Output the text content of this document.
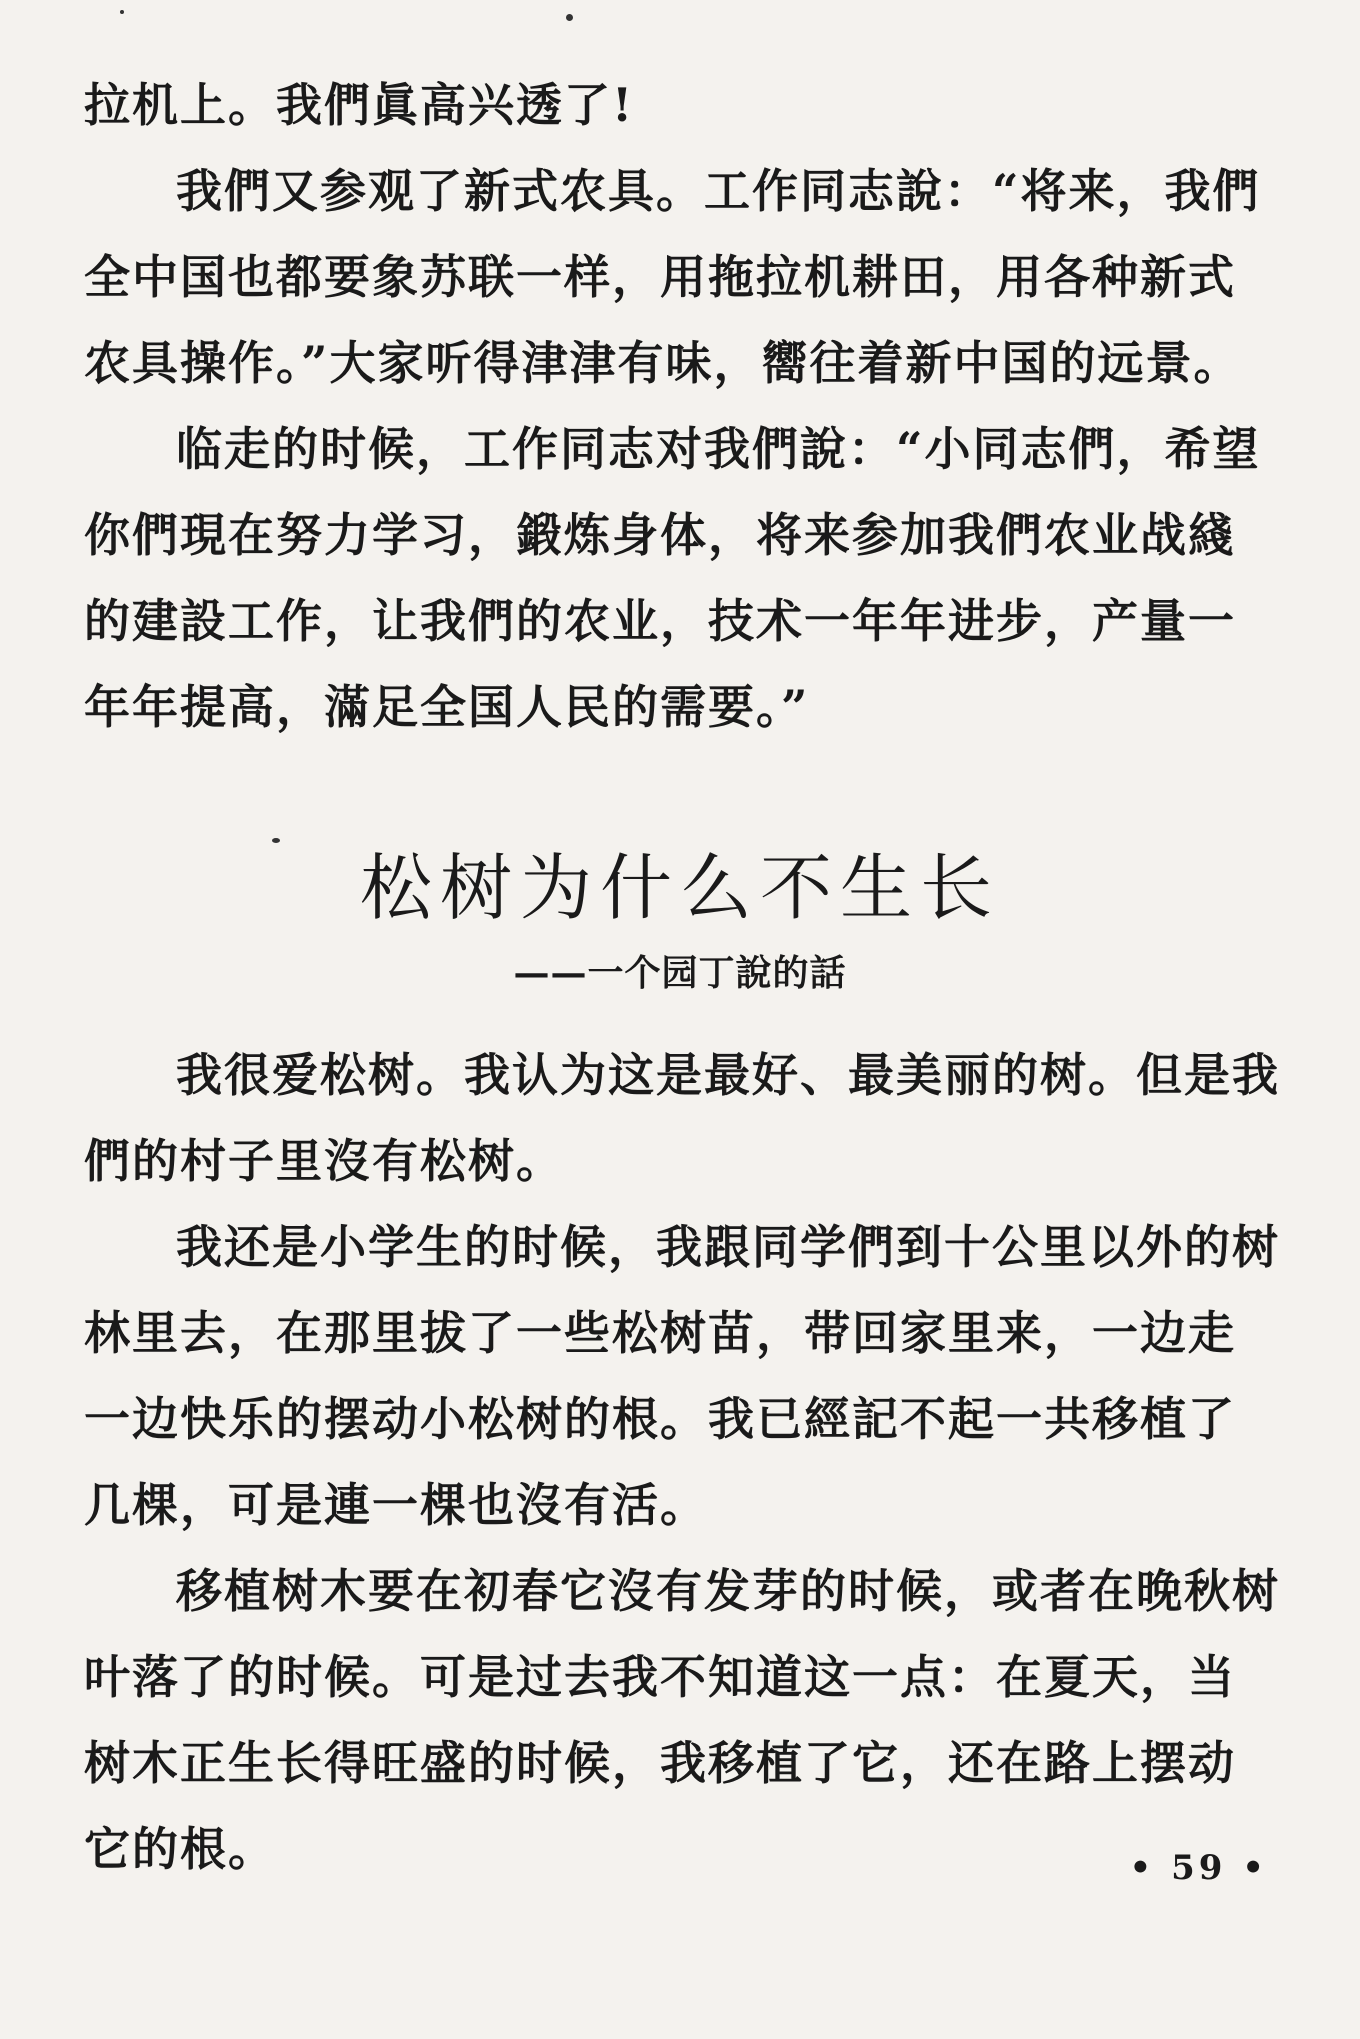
拉机上。我們眞高兴透了!

我們又参观了新式农具。工作同志說：“将来，我們全中国也都要象苏联一样，用拖拉机耕田，用各种新式农具操作。”大家听得津津有味，嚮往着新中国的远景。

临走的时候，工作同志对我們說：“小同志們，希望你們現在努力学习，鍛炼身体，将来参加我們农业战綫的建設工作，让我們的农业，技术一年年进步，产量一年年提高，滿足全国人民的需要。”

松树为什么不生长
——一个园丁說的話

我很爱松树。我认为这是最好、最美丽的树。但是我們的村子里沒有松树。

我还是小学生的时候，我跟同学們到十公里以外的树林里去，在那里拔了一些松树苗，带回家里来，一边走一边快乐的摆动小松树的根。我已經記不起一共移植了几棵，可是連一棵也沒有活。

移植树木要在初春它沒有发芽的时候，或者在晚秋树叶落了的时候。可是过去我不知道这一点：在夏天，当树木正生长得旺盛的时候，我移植了它，还在路上摆动它的根。	• 59 •
